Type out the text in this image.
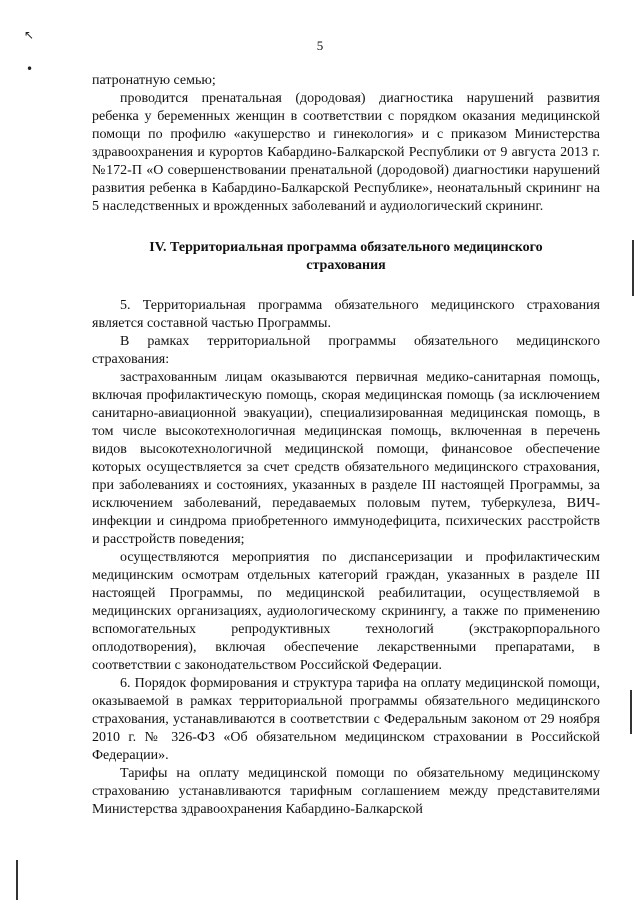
↖
•
5

патронатную семью;

проводится пренатальная (дородовая) диагностика нарушений развития ребенка у беременных женщин в соответствии с порядком оказания медицинской помощи по профилю «акушерство и гинекология» и с приказом Министерства здравоохранения и курортов Кабардино-Балкарской Республики от 9 августа 2013 г. №172-П «О совершенствовании пренатальной (дородовой) диагностики нарушений развития ребенка в Кабардино-Балкарской Республике», неонатальный скрининг на 5 наследственных и врожденных заболеваний и аудиологический скрининг.

IV. Территориальная программа обязательного медицинского страхования

5. Территориальная программа обязательного медицинского страхования является составной частью Программы.

В рамках территориальной программы обязательного медицинского страхования:

застрахованным лицам оказываются первичная медико-санитарная помощь, включая профилактическую помощь, скорая медицинская помощь (за исключением санитарно-авиационной эвакуации), специализированная медицинская помощь, в том числе высокотехнологичная медицинская помощь, включенная в перечень видов высокотехнологичной медицинской помощи, финансовое обеспечение которых осуществляется за счет средств обязательного медицинского страхования, при заболеваниях и состояниях, указанных в разделе III настоящей Программы, за исключением заболеваний, передаваемых половым путем, туберкулеза, ВИЧ-инфекции и синдрома приобретенного иммунодефицита, психических расстройств и расстройств поведения;

осуществляются мероприятия по диспансеризации и профилактическим медицинским осмотрам отдельных категорий граждан, указанных в разделе III настоящей Программы, по медицинской реабилитации, осуществляемой в медицинских организациях, аудиологическому скринингу, а также по применению вспомогательных репродуктивных технологий (экстракорпорального оплодотворения), включая обеспечение лекарственными препаратами, в соответствии с законодательством Российской Федерации.

6. Порядок формирования и структура тарифа на оплату медицинской помощи, оказываемой в рамках территориальной программы обязательного медицинского страхования, устанавливаются в соответствии с Федеральным законом от 29 ноября 2010 г. № 326-ФЗ «Об обязательном медицинском страховании в Российской Федерации».

Тарифы на оплату медицинской помощи по обязательному медицинскому страхованию устанавливаются тарифным соглашением между представителями Министерства здравоохранения Кабардино-Балкарской
